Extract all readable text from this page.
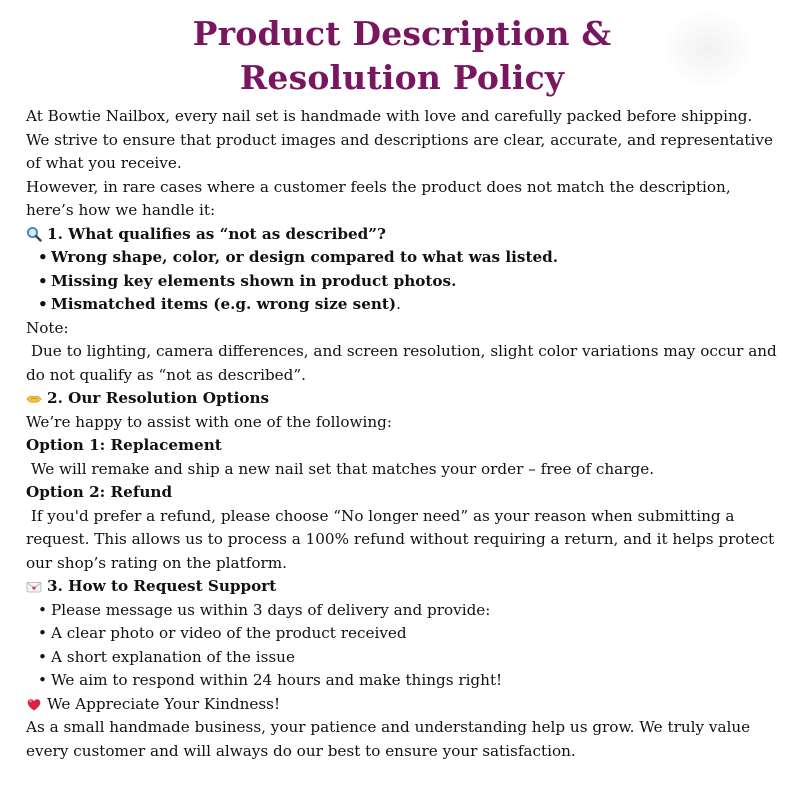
Product Description &
Resolution Policy

At Bowtie Nailbox, every nail set is handmade with love and carefully packed before shipping. We strive to ensure that product images and descriptions are clear, accurate, and representative of what you receive.

However, in rare cases where a customer feels the product does not match the description, here’s how we handle it:

1. What qualifies as “not as described”?
• Wrong shape, color, or design compared to what was listed.
• Missing key elements shown in product photos.
• Mismatched items (e.g. wrong size sent).

Note:

Due to lighting, camera differences, and screen resolution, slight color variations may occur and do not qualify as “not as described”.

2. Our Resolution Options

We’re happy to assist with one of the following:

Option 1: Replacement

We will remake and ship a new nail set that matches your order – free of charge.

Option 2: Refund

If you'd prefer a refund, please choose “No longer need” as your reason when submitting a request. This allows us to process a 100% refund without requiring a return, and it helps protect our shop’s rating on the platform.

3. How to Request Support
• Please message us within 3 days of delivery and provide:
• A clear photo or video of the product received
• A short explanation of the issue
• We aim to respond within 24 hours and make things right!
We Appreciate Your Kindness!

As a small handmade business, your patience and understanding help us grow. We truly value every customer and will always do our best to ensure your satisfaction.
